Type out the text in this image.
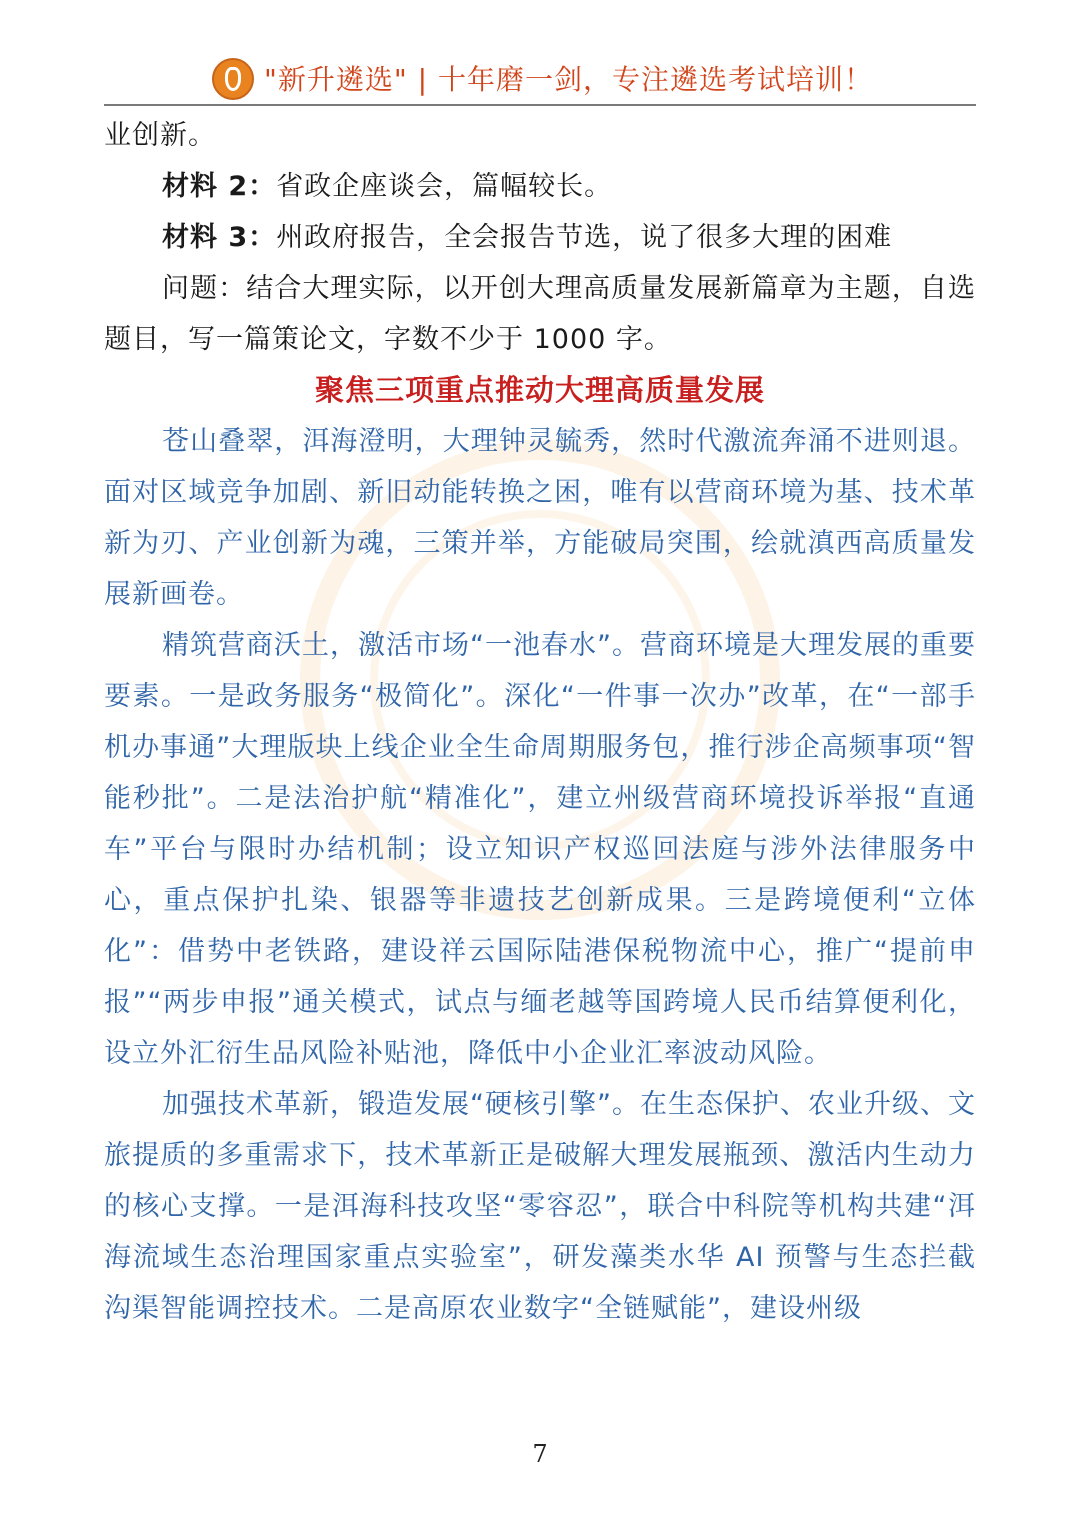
"新升遴选" | 十年磨一剑，专注遴选考试培训！

业创新。

材料 2：省政企座谈会，篇幅较长。

材料 3：州政府报告，全会报告节选，说了很多大理的困难

问题：结合大理实际，以开创大理高质量发展新篇章为主题，自选题目，写一篇策论文，字数不少于 1000 字。

聚焦三项重点推动大理高质量发展

苍山叠翠，洱海澄明，大理钟灵毓秀，然时代激流奔涌不进则退。面对区域竞争加剧、新旧动能转换之困，唯有以营商环境为基、技术革新为刃、产业创新为魂，三策并举，方能破局突围，绘就滇西高质量发展新画卷。

精筑营商沃土，激活市场“一池春水”。营商环境是大理发展的重要要素。一是政务服务“极简化”。深化“一件事一次办”改革，在“一部手机办事通”大理版块上线企业全生命周期服务包，推行涉企高频事项“智能秒批”。二是法治护航“精准化”，建立州级营商环境投诉举报“直通车”平台与限时办结机制；设立知识产权巡回法庭与涉外法律服务中心，重点保护扎染、银器等非遗技艺创新成果。三是跨境便利“立体化”：借势中老铁路，建设祥云国际陆港保税物流中心，推广“提前申报”“两步申报”通关模式，试点与缅老越等国跨境人民币结算便利化，设立外汇衍生品风险补贴池，降低中小企业汇率波动风险。

加强技术革新，锻造发展“硬核引擎”。在生态保护、农业升级、文旅提质的多重需求下，技术革新正是破解大理发展瓶颈、激活内生动力的核心支撑。一是洱海科技攻坚“零容忍”，联合中科院等机构共建“洱海流域生态治理国家重点实验室”，研发藻类水华 AI 预警与生态拦截沟渠智能调控技术。二是高原农业数字“全链赋能”，建设州级

7
